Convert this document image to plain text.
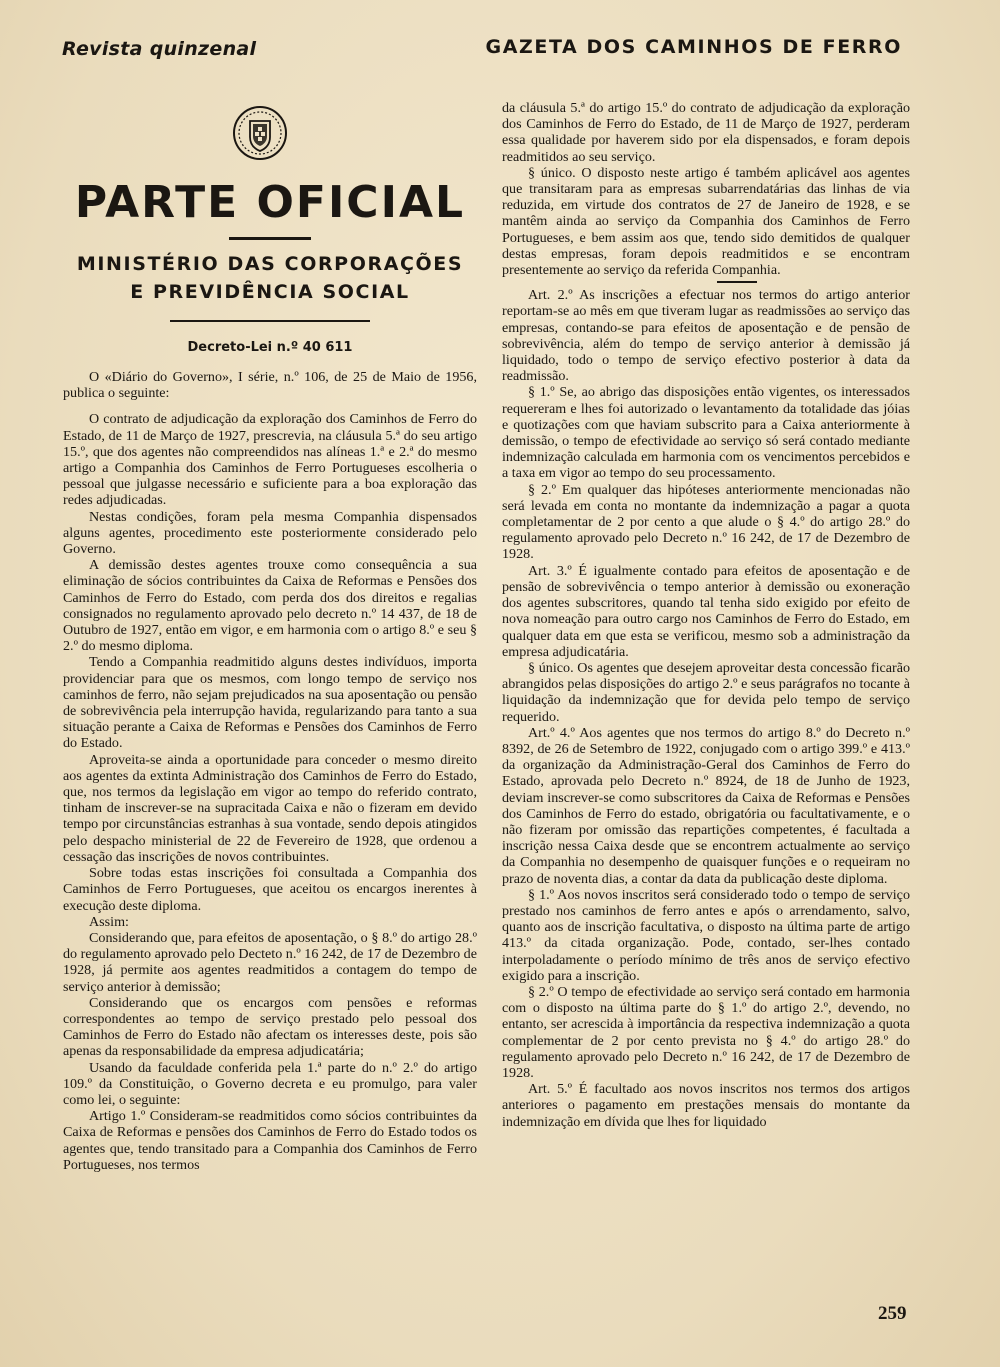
Revista quinzenal	GAZETA DOS CAMINHOS DE FERRO
PARTE OFICIAL
MINISTÉRIO DAS CORPORAÇÕES
E PREVIDÊNCIA SOCIAL
Decreto-Lei n.º 40 611

O «Diário do Governo», I série, n.º 106, de 25 de Maio de 1956, publica o seguinte:

O contrato de adjudicação da exploração dos Caminhos de Ferro do Estado, de 11 de Março de 1927, prescrevia, na cláusula 5.ª do seu artigo 15.º, que dos agentes não compreendidos nas alíneas 1.ª e 2.ª do mesmo artigo a Companhia dos Caminhos de Ferro Portugueses escolheria o pessoal que julgasse necessário e suficiente para a boa exploração das redes adjudicadas.

Nestas condições, foram pela mesma Companhia dispensados alguns agentes, procedimento este posteriormente considerado pelo Governo.

A demissão destes agentes trouxe como consequência a sua eliminação de sócios contribuintes da Caixa de Reformas e Pensões dos Caminhos de Ferro do Estado, com perda dos dos direitos e regalias consignados no regulamento aprovado pelo decreto n.º 14 437, de 18 de Outubro de 1927, então em vigor, e em harmonia com o artigo 8.º e seu § 2.º do mesmo diploma.

Tendo a Companhia readmitido alguns destes indivíduos, importa providenciar para que os mesmos, com longo tempo de serviço nos caminhos de ferro, não sejam prejudicados na sua aposentação ou pensão de sobrevivência pela interrupção havida, regularizando para tanto a sua situação perante a Caixa de Reformas e Pensões dos Caminhos de Ferro do Estado.

Aproveita-se ainda a oportunidade para conceder o mesmo direito aos agentes da extinta Administração dos Caminhos de Ferro do Estado, que, nos termos da legislação em vigor ao tempo do referido contrato, tinham de inscrever-se na supracitada Caixa e não o fizeram em devido tempo por circunstâncias estranhas à sua vontade, sendo depois atingidos pelo despacho ministerial de 22 de Fevereiro de 1928, que ordenou a cessação das inscrições de novos contribuintes.

Sobre todas estas inscrições foi consultada a Companhia dos Caminhos de Ferro Portugueses, que aceitou os encargos inerentes à execução deste diploma.

Assim:

Considerando que, para efeitos de aposentação, o § 8.º do artigo 28.º do regulamento aprovado pelo Decteto n.º 16 242, de 17 de Dezembro de 1928, já permite aos agentes readmitidos a contagem do tempo de serviço anterior à demissão;

Considerando que os encargos com pensões e reformas correspondentes ao tempo de serviço prestado pelo pessoal dos Caminhos de Ferro do Estado não afectam os interesses deste, pois são apenas da responsabilidade da empresa adjudicatária;

Usando da faculdade conferida pela 1.ª parte do n.º 2.º do artigo 109.º da Constituição, o Governo decreta e eu promulgo, para valer como lei, o seguinte:

Artigo 1.º Consideram-se readmitidos como sócios contribuintes da Caixa de Reformas e pensões dos Caminhos de Ferro do Estado todos os agentes que, tendo transitado para a Companhia dos Caminhos de Ferro Portugueses, nos termos

da cláusula 5.ª do artigo 15.º do contrato de adjudicação da exploração dos Caminhos de Ferro do Estado, de 11 de Março de 1927, perderam essa qualidade por haverem sido por ela dispensados, e foram depois readmitidos ao seu serviço.

§ único. O disposto neste artigo é também aplicável aos agentes que transitaram para as empresas subarrendatárias das linhas de via reduzida, em virtude dos contratos de 27 de Janeiro de 1928, e se mantêm ainda ao serviço da Companhia dos Caminhos de Ferro Portugueses, e bem assim aos que, tendo sido demitidos de qualquer destas empresas, foram depois readmitidos e se encontram presentemente ao serviço da referida Companhia.

Art. 2.º As inscrições a efectuar nos termos do artigo anterior reportam-se ao mês em que tiveram lugar as readmissões ao serviço das empresas, contando-se para efeitos de aposentação e de pensão de sobrevivência, além do tempo de serviço anterior à demissão já liquidado, todo o tempo de serviço efectivo posterior à data da readmissão.

§ 1.º Se, ao abrigo das disposições então vigentes, os interessados requereram e lhes foi autorizado o levantamento da totalidade das jóias e quotizações com que haviam subscrito para a Caixa anteriormente à demissão, o tempo de efectividade ao serviço só será contado mediante indemnização calculada em harmonia com os vencimentos percebidos e a taxa em vigor ao tempo do seu processamento.

§ 2.º Em qualquer das hipóteses anteriormente mencionadas não será levada em conta no montante da indemnização a pagar a quota completamentar de 2 por cento a que alude o § 4.º do artigo 28.º do regulamento aprovado pelo Decreto n.º 16 242, de 17 de Dezembro de 1928.

Art. 3.º É igualmente contado para efeitos de aposentação e de pensão de sobrevivência o tempo anterior à demissão ou exoneração dos agentes subscritores, quando tal tenha sido exigido por efeito de nova nomeação para outro cargo nos Caminhos de Ferro do Estado, em qualquer data em que esta se verificou, mesmo sob a administração da empresa adjudicatária.

§ único. Os agentes que desejem aproveitar desta concessão ficarão abrangidos pelas disposições do artigo 2.º e seus parágrafos no tocante à liquidação da indemnização que for devida pelo tempo de serviço requerido.

Art.º 4.º Aos agentes que nos termos do artigo 8.º do Decreto n.º 8392, de 26 de Setembro de 1922, conjugado com o artigo 399.º e 413.º da organização da Administração-Geral dos Caminhos de Ferro do Estado, aprovada pelo Decreto n.º 8924, de 18 de Junho de 1923, deviam inscrever-se como subscritores da Caixa de Reformas e Pensões dos Caminhos de Ferro do estado, obrigatória ou facultativamente, e o não fizeram por omissão das repartições competentes, é facultada a inscrição nessa Caixa desde que se encontrem actualmente ao serviço da Companhia no desempenho de quaisquer funções e o requeiram no prazo de noventa dias, a contar da data da publicação deste diploma.

§ 1.º Aos novos inscritos será considerado todo o tempo de serviço prestado nos caminhos de ferro antes e após o arrendamento, salvo, quanto aos de inscrição facultativa, o disposto na última parte de artigo 413.º da citada organização. Pode, contado, ser-lhes contado interpoladamente o período mínimo de três anos de serviço efectivo exigido para a inscrição.

§ 2.º O tempo de efectividade ao serviço será contado em harmonia com o disposto na última parte do § 1.º do artigo 2.º, devendo, no entanto, ser acrescida à importância da respectiva indemnização a quota complementar de 2 por cento prevista no § 4.º do artigo 28.º do regulamento aprovado pelo Decreto n.º 16 242, de 17 de Dezembro de 1928.

Art. 5.º É facultado aos novos inscritos nos termos dos artigos anteriores o pagamento em prestações mensais do montante da indemnização em dívida que lhes for liquidado

259
